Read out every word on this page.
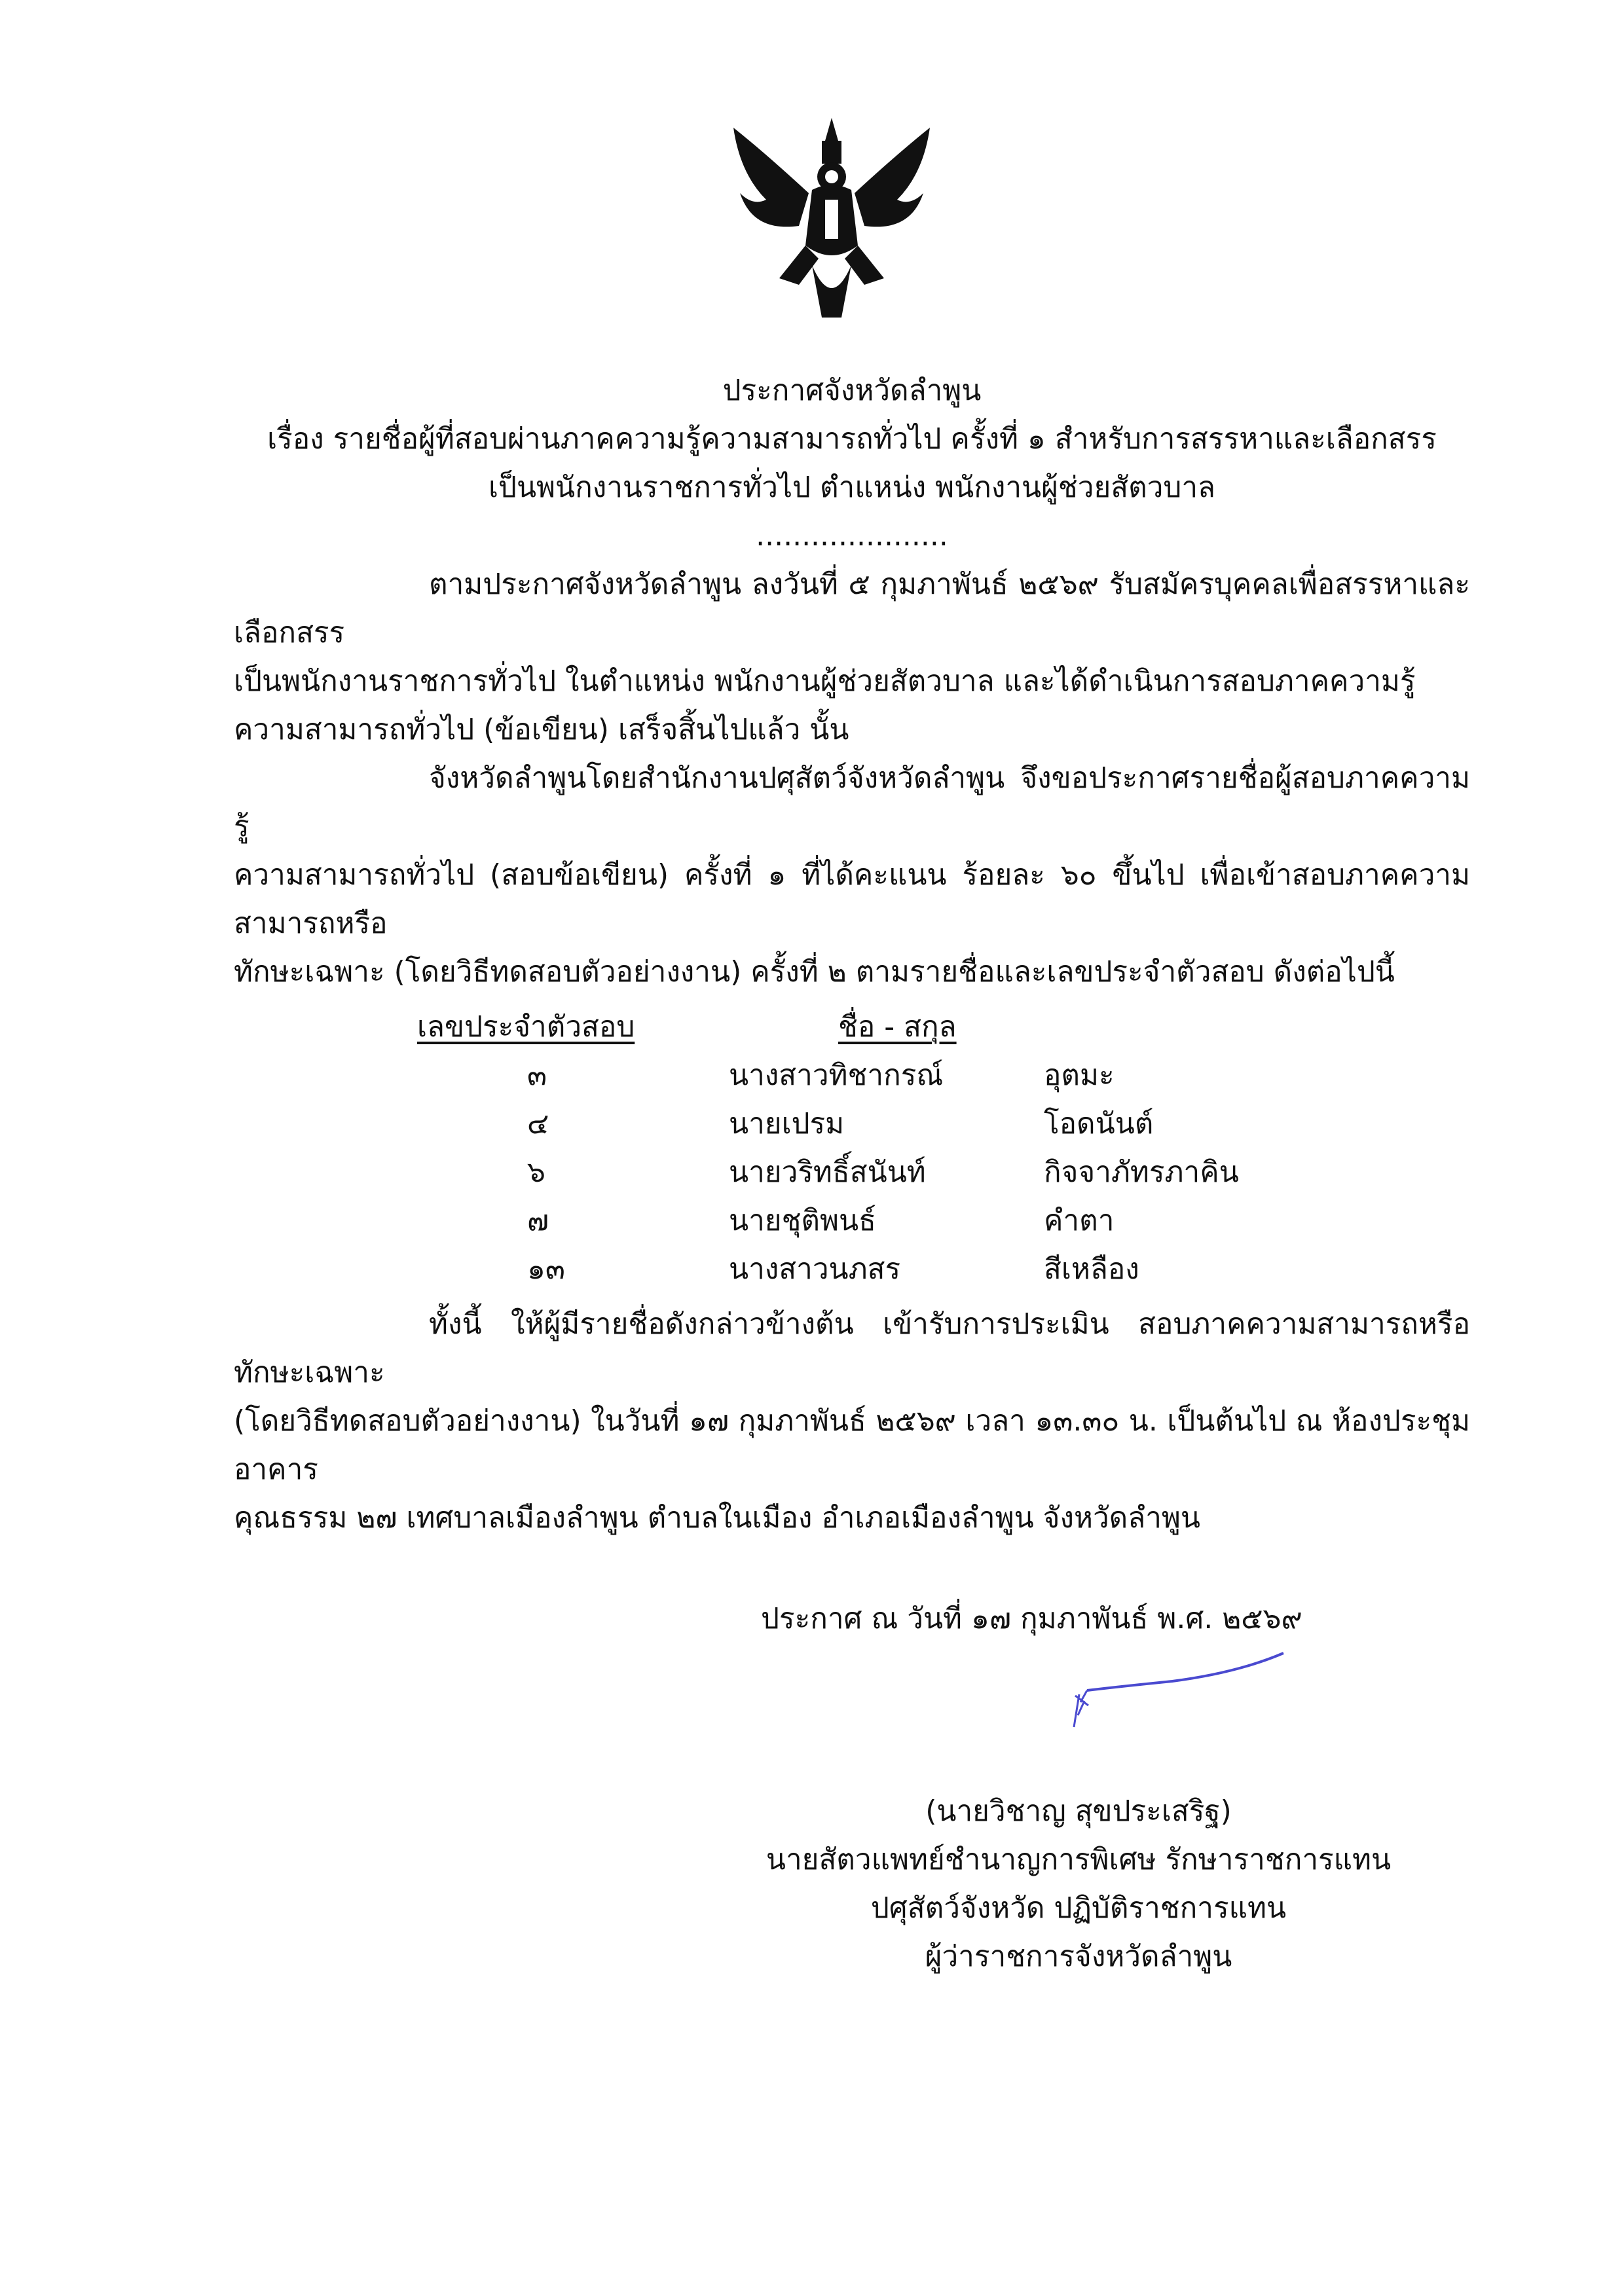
ประกาศจังหวัดลำพูน
เรื่อง รายชื่อผู้ที่สอบผ่านภาคความรู้ความสามารถทั่วไป ครั้งที่ ๑ สำหรับการสรรหาและเลือกสรร
เป็นพนักงานราชการทั่วไป ตำแหน่ง พนักงานผู้ช่วยสัตวบาล
.....................
ตามประกาศจังหวัดลำพูน ลงวันที่ ๕ กุมภาพันธ์ ๒๕๖๙ รับสมัครบุคคลเพื่อสรรหาและเลือกสรร
เป็นพนักงานราชการทั่วไป ในตำแหน่ง พนักงานผู้ช่วยสัตวบาล และได้ดำเนินการสอบภาคความรู้
ความสามารถทั่วไป (ข้อเขียน) เสร็จสิ้นไปแล้ว นั้น
จังหวัดลำพูนโดยสำนักงานปศุสัตว์จังหวัดลำพูน จึงขอประกาศรายชื่อผู้สอบภาคความรู้
ความสามารถทั่วไป (สอบข้อเขียน) ครั้งที่ ๑ ที่ได้คะแนน ร้อยละ ๖๐ ขึ้นไป เพื่อเข้าสอบภาคความสามารถหรือ
ทักษะเฉพาะ (โดยวิธีทดสอบตัวอย่างงาน) ครั้งที่ ๒ ตามรายชื่อและเลขประจำตัวสอบ ดังต่อไปนี้
เลขประจำตัวสอบ	ชื่อ - สกุล
๓	นางสาวทิชากรณ์	อุตมะ
๔	นายเปรม	โอดนันต์
๖	นายวริทธิ์สนันท์	กิจจาภัทรภาคิน
๗	นายชุติพนธ์	คำตา
๑๓	นางสาวนภสร	สีเหลือง
ทั้งนี้ ให้ผู้มีรายชื่อดังกล่าวข้างต้น เข้ารับการประเมิน สอบภาคความสามารถหรือทักษะเฉพาะ
(โดยวิธีทดสอบตัวอย่างงาน) ในวันที่ ๑๗ กุมภาพันธ์ ๒๕๖๙ เวลา ๑๓.๓๐ น. เป็นต้นไป ณ ห้องประชุมอาคาร
คุณธรรม ๒๗ เทศบาลเมืองลำพูน ตำบลในเมือง อำเภอเมืองลำพูน จังหวัดลำพูน
ประกาศ ณ วันที่ ๑๗ กุมภาพันธ์ พ.ศ. ๒๕๖๙
(นายวิชาญ สุขประเสริฐ)
นายสัตวแพทย์ชำนาญการพิเศษ รักษาราชการแทน
ปศุสัตว์จังหวัด ปฏิบัติราชการแทน
ผู้ว่าราชการจังหวัดลำพูน
